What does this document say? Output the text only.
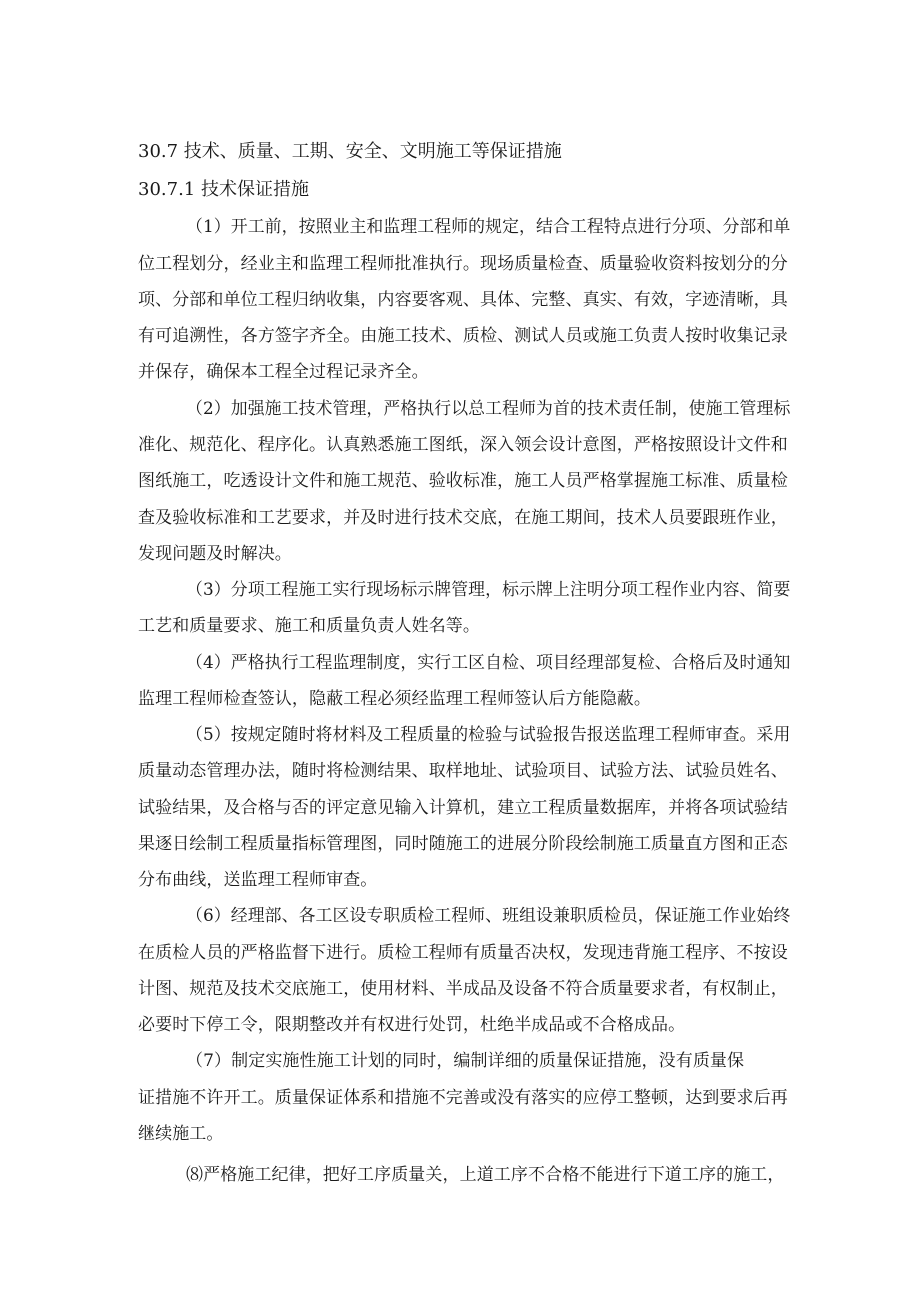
30.7 技术、质量、工期、安全、文明施工等保证措施
30.7.1 技术保证措施
（1）开工前，按照业主和监理工程师的规定，结合工程特点进行分项、分部和单
位工程划分，经业主和监理工程师批准执行。现场质量检查、质量验收资料按划分的分
项、分部和单位工程归纳收集，内容要客观、具体、完整、真实、有效，字迹清晰，具
有可追溯性，各方签字齐全。由施工技术、质检、测试人员或施工负责人按时收集记录
并保存，确保本工程全过程记录齐全。
（2）加强施工技术管理，严格执行以总工程师为首的技术责任制，使施工管理标
准化、规范化、程序化。认真熟悉施工图纸，深入领会设计意图，严格按照设计文件和
图纸施工，吃透设计文件和施工规范、验收标准，施工人员严格掌握施工标准、质量检
查及验收标准和工艺要求，并及时进行技术交底，在施工期间，技术人员要跟班作业，
发现问题及时解决。
（3）分项工程施工实行现场标示牌管理，标示牌上注明分项工程作业内容、简要
工艺和质量要求、施工和质量负责人姓名等。
（4）严格执行工程监理制度，实行工区自检、项目经理部复检、合格后及时通知
监理工程师检查签认，隐蔽工程必须经监理工程师签认后方能隐蔽。
（5）按规定随时将材料及工程质量的检验与试验报告报送监理工程师审查。采用
质量动态管理办法，随时将检测结果、取样地址、试验项目、试验方法、试验员姓名、
试验结果，及合格与否的评定意见输入计算机，建立工程质量数据库，并将各项试验结
果逐日绘制工程质量指标管理图，同时随施工的进展分阶段绘制施工质量直方图和正态
分布曲线，送监理工程师审查。
（6）经理部、各工区设专职质检工程师、班组设兼职质检员，保证施工作业始终
在质检人员的严格监督下进行。质检工程师有质量否决权，发现违背施工程序、不按设
计图、规范及技术交底施工，使用材料、半成品及设备不符合质量要求者，有权制止，
必要时下停工令，限期整改并有权进行处罚，杜绝半成品或不合格成品。
（7）制定实施性施工计划的同时，编制详细的质量保证措施，没有质量保
证措施不许开工。质量保证体系和措施不完善或没有落实的应停工整顿，达到要求后再
继续施工。
⑻严格施工纪律，把好工序质量关，上道工序不合格不能进行下道工序的施工，
